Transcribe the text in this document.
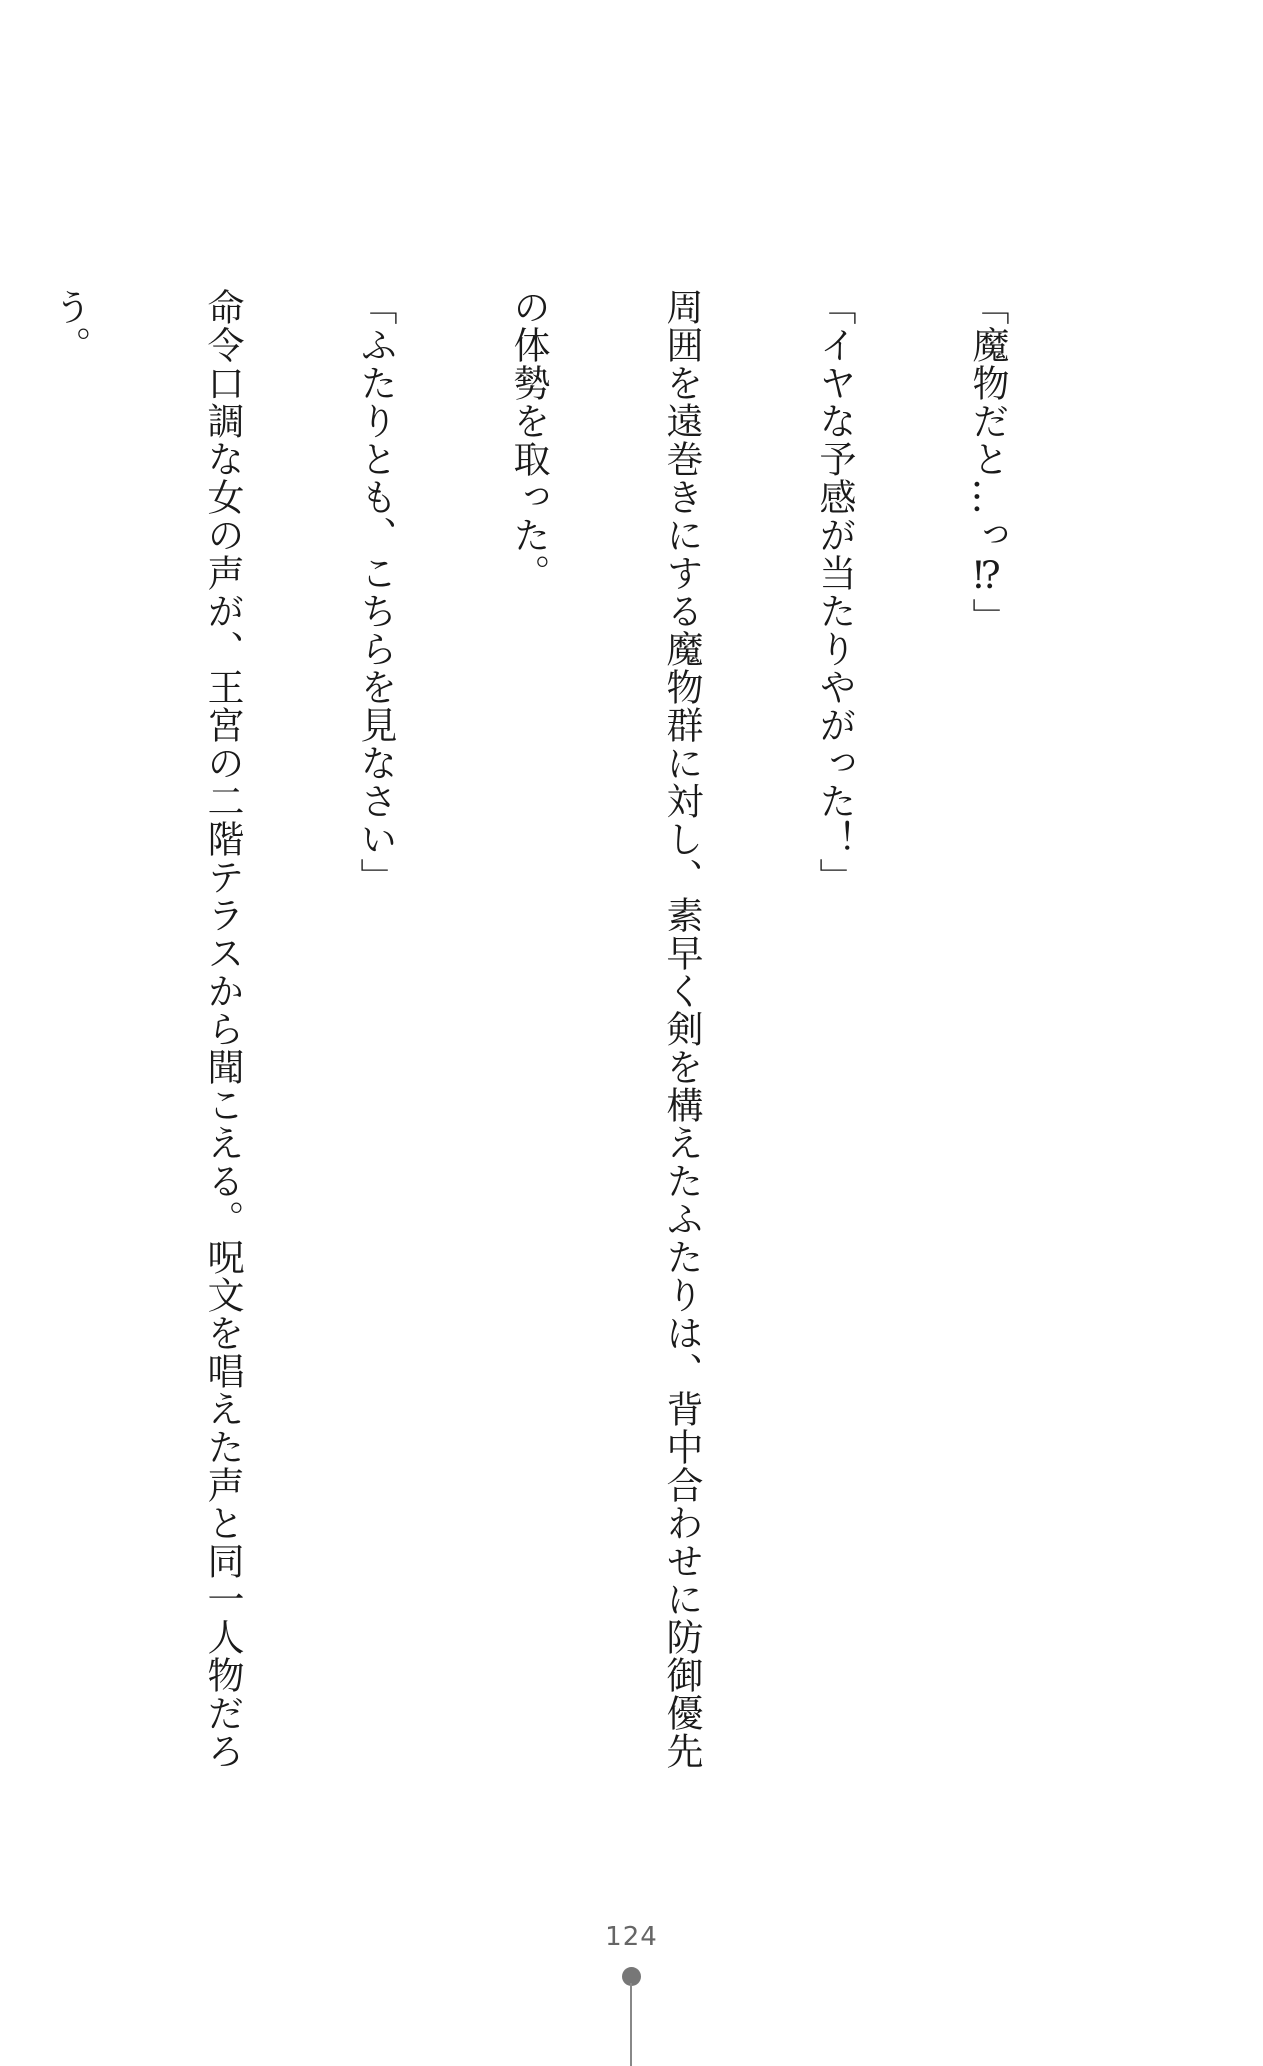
「魔物だと…っ⁉」

「イヤな予感が当たりやがった！」

周囲を遠巻きにする魔物群に対し、素早く剣を構えたふたりは、背中合わせに防御優先

の体勢を取った。

「ふたりとも、こちらを見なさい」

命令口調な女の声が、王宮の二階テラスから聞こえる。呪文を唱えた声と同一人物だろ

う。

124
